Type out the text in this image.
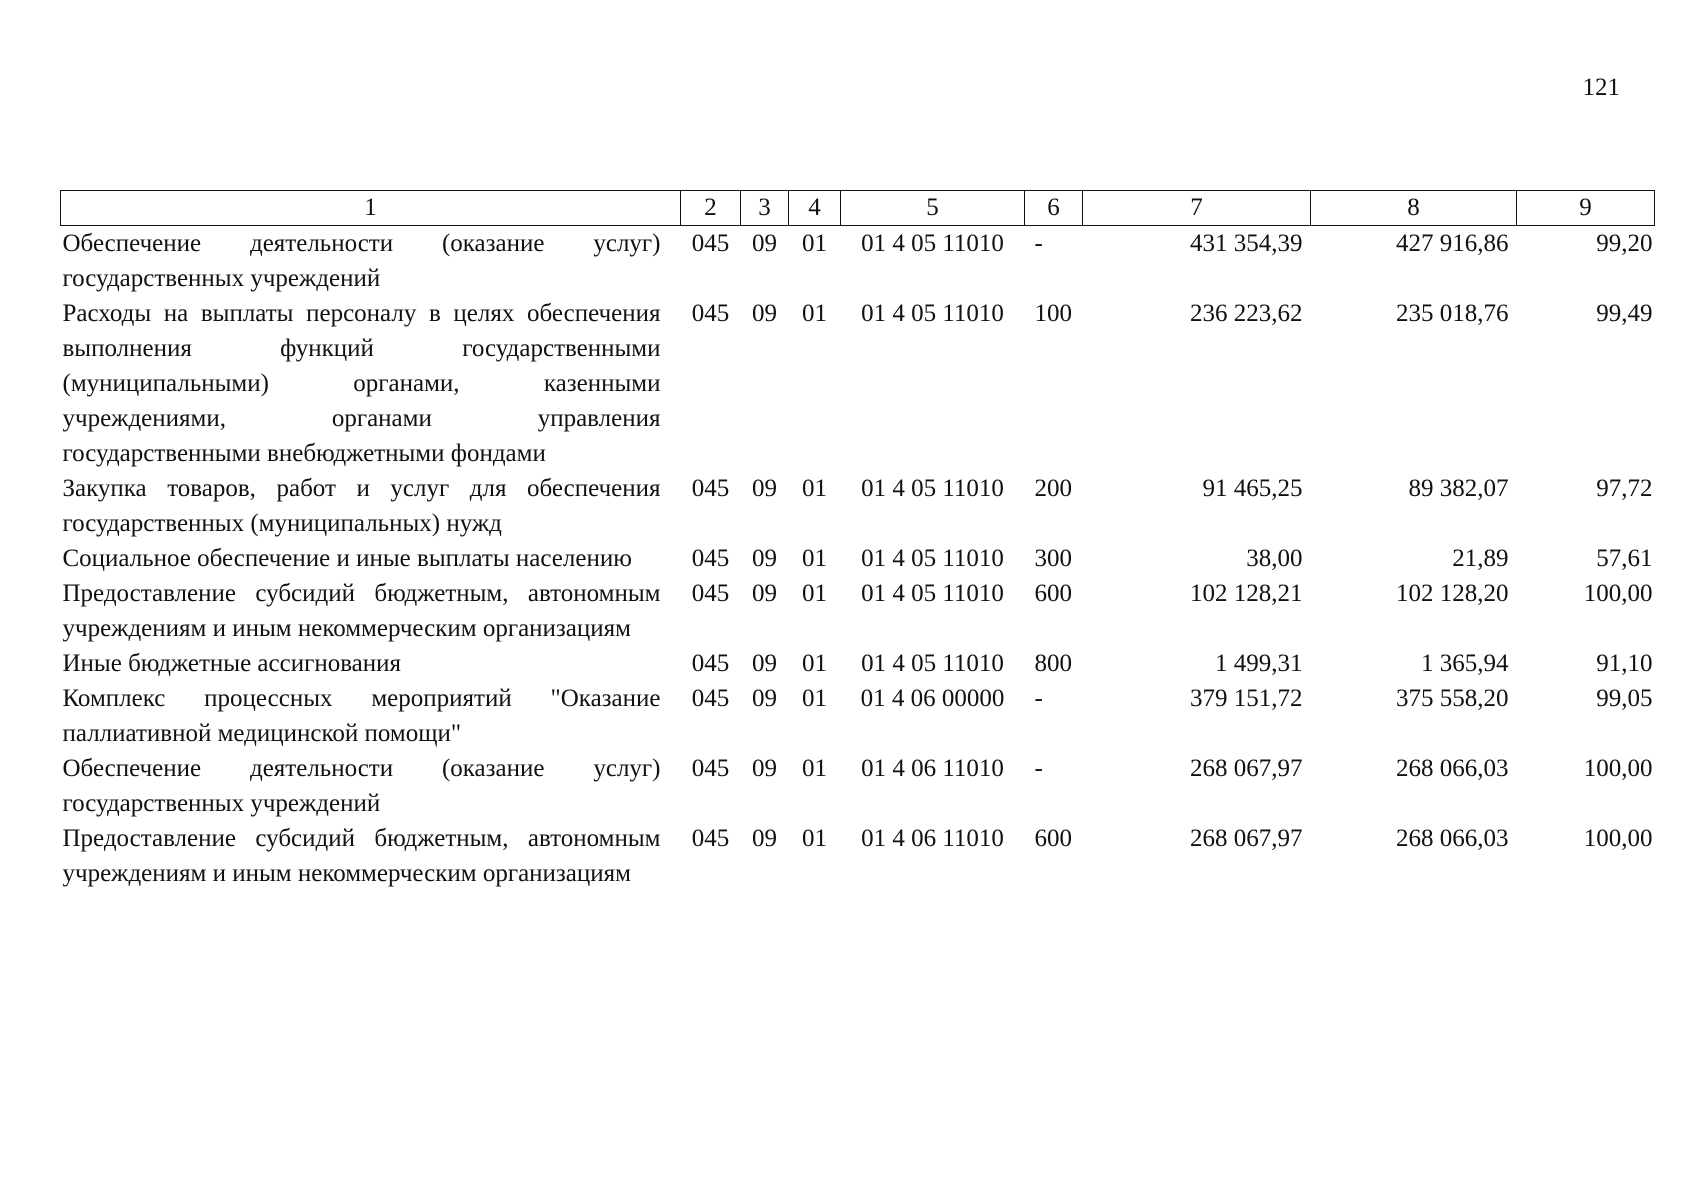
121
1	2	3	4	5	6	7	8	9
Обеспечение деятельности (оказание услуг) государственных учреждений	045	09	01	01 4 05 11010	-	431 354,39	427 916,86	99,20
Расходы на выплаты персоналу в целях обеспечения выполнения функций государственными (муниципальными) органами, казенными учреждениями, органами управления государственными внебюджетными фондами	045	09	01	01 4 05 11010	100	236 223,62	235 018,76	99,49
Закупка товаров, работ и услуг для обеспечения государственных (муниципальных) нужд	045	09	01	01 4 05 11010	200	91 465,25	89 382,07	97,72
Социальное обеспечение и иные выплаты населению	045	09	01	01 4 05 11010	300	38,00	21,89	57,61
Предоставление субсидий бюджетным, автономным учреждениям и иным некоммерческим организациям	045	09	01	01 4 05 11010	600	102 128,21	102 128,20	100,00
Иные бюджетные ассигнования	045	09	01	01 4 05 11010	800	1 499,31	1 365,94	91,10
Комплекс процессных мероприятий "Оказание паллиативной медицинской помощи"	045	09	01	01 4 06 00000	-	379 151,72	375 558,20	99,05
Обеспечение деятельности (оказание услуг) государственных учреждений	045	09	01	01 4 06 11010	-	268 067,97	268 066,03	100,00
Предоставление субсидий бюджетным, автономным учреждениям и иным некоммерческим организациям	045	09	01	01 4 06 11010	600	268 067,97	268 066,03	100,00
